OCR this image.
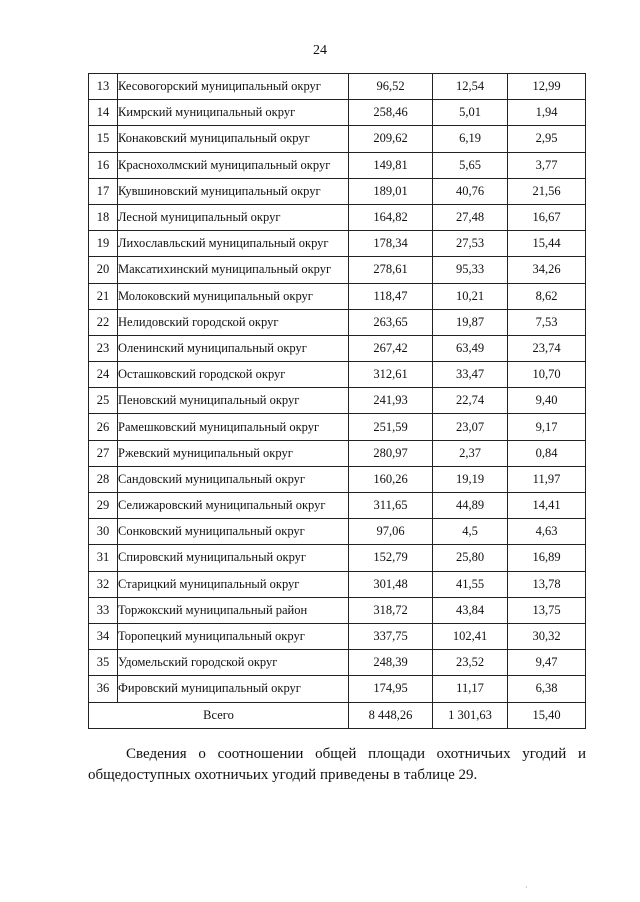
24
13	Кесовогорский муниципальный округ	96,52	12,54	12,99
14	Кимрский муниципальный округ	258,46	5,01	1,94
15	Конаковский муниципальный округ	209,62	6,19	2,95
16	Краснохолмский муниципальный округ	149,81	5,65	3,77
17	Кувшиновский муниципальный округ	189,01	40,76	21,56
18	Лесной муниципальный округ	164,82	27,48	16,67
19	Лихославльский муниципальный округ	178,34	27,53	15,44
20	Максатихинский муниципальный округ	278,61	95,33	34,26
21	Молоковский муниципальный округ	118,47	10,21	8,62
22	Нелидовский городской округ	263,65	19,87	7,53
23	Оленинский муниципальный округ	267,42	63,49	23,74
24	Осташковский городской округ	312,61	33,47	10,70
25	Пеновский муниципальный округ	241,93	22,74	9,40
26	Рамешковский муниципальный округ	251,59	23,07	9,17
27	Ржевский муниципальный округ	280,97	2,37	0,84
28	Сандовский муниципальный округ	160,26	19,19	11,97
29	Селижаровский муниципальный округ	311,65	44,89	14,41
30	Сонковский муниципальный округ	97,06	4,5	4,63
31	Спировский муниципальный округ	152,79	25,80	16,89
32	Старицкий муниципальный округ	301,48	41,55	13,78
33	Торжокский муниципальный район	318,72	43,84	13,75
34	Торопецкий муниципальный округ	337,75	102,41	30,32
35	Удомельский городской округ	248,39	23,52	9,47
36	Фировский муниципальный округ	174,95	11,17	6,38
Всего		8 448,26	1 301,63	15,40
Сведения о соотношении общей площади охотничьих угодий и общедоступных охотничьих угодий приведены в таблице 29.
·
